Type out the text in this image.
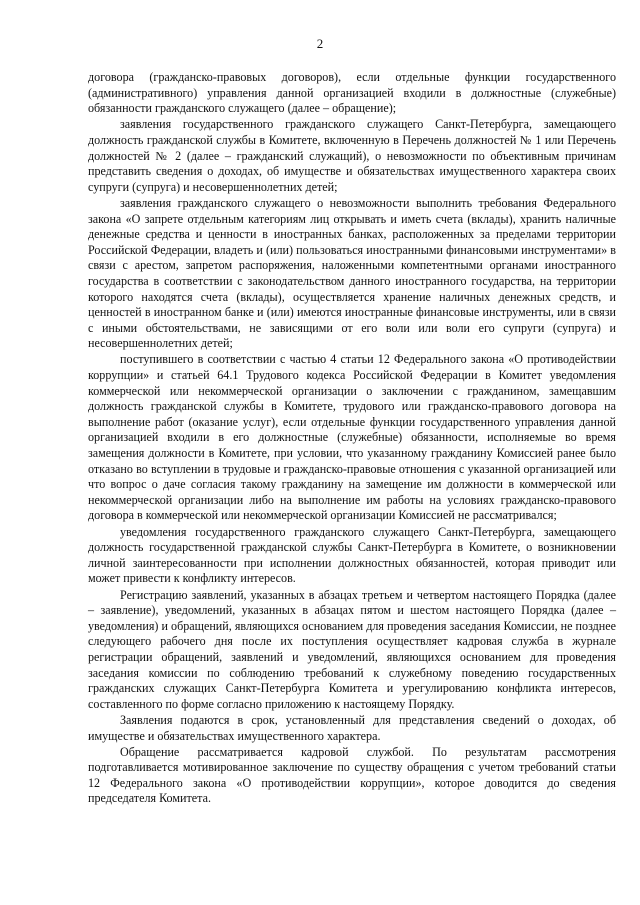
2

договора (гражданско-правовых договоров), если отдельные функции государственного (административного) управления данной организацией входили в должностные (служебные) обязанности гражданского служащего (далее – обращение);

заявления государственного гражданского служащего Санкт-Петербурга, замещающего должность гражданской службы в Комитете, включенную в Перечень должностей № 1 или Перечень должностей № 2 (далее – гражданский служащий), о невозможности по объективным причинам представить сведения о доходах, об имуществе и обязательствах имущественного характера своих супруги (супруга) и несовершеннолетних детей;

заявления гражданского служащего о невозможности выполнить требования Федерального закона «О запрете отдельным категориям лиц открывать и иметь счета (вклады), хранить наличные денежные средства и ценности в иностранных банках, расположенных за пределами территории Российской Федерации, владеть и (или) пользоваться иностранными финансовыми инструментами» в связи с арестом, запретом распоряжения, наложенными компетентными органами иностранного государства в соответствии с законодательством данного иностранного государства, на территории которого находятся счета (вклады), осуществляется хранение наличных денежных средств, и ценностей в иностранном банке и (или) имеются иностранные финансовые инструменты, или в связи с иными обстоятельствами, не зависящими от его воли или воли его супруги (супруга) и несовершеннолетних детей;

поступившего в соответствии с частью 4 статьи 12 Федерального закона «О противодействии коррупции» и статьей 64.1 Трудового кодекса Российской Федерации в Комитет уведомления коммерческой или некоммерческой организации о заключении с гражданином, замещавшим должность гражданской службы в Комитете, трудового или гражданско-правового договора на выполнение работ (оказание услуг), если отдельные функции государственного управления данной организацией входили в его должностные (служебные) обязанности, исполняемые во время замещения должности в Комитете, при условии, что указанному гражданину Комиссией ранее было отказано во вступлении в трудовые и гражданско-правовые отношения с указанной организацией или что вопрос о даче согласия такому гражданину на замещение им должности в коммерческой или некоммерческой организации либо на выполнение им работы на условиях гражданско-правового договора в коммерческой или некоммерческой организации Комиссией не рассматривался;

уведомления государственного гражданского служащего Санкт-Петербурга, замещающего должность государственной гражданской службы Санкт-Петербурга в Комитете, о возникновении личной заинтересованности при исполнении должностных обязанностей, которая приводит или может привести к конфликту интересов.

Регистрацию заявлений, указанных в абзацах третьем и четвертом настоящего Порядка (далее – заявление), уведомлений, указанных в абзацах пятом и шестом настоящего Порядка (далее – уведомления) и обращений, являющихся основанием для проведения заседания Комиссии, не позднее следующего рабочего дня после их поступления осуществляет кадровая служба в журнале регистрации обращений, заявлений и уведомлений, являющихся основанием для проведения заседания комиссии по соблюдению требований к служебному поведению государственных гражданских служащих Санкт-Петербурга Комитета и урегулированию конфликта интересов, составленного по форме согласно приложению к настоящему Порядку.

Заявления подаются в срок, установленный для представления сведений о доходах, об имуществе и обязательствах имущественного характера.

Обращение рассматривается кадровой службой. По результатам рассмотрения подготавливается мотивированное заключение по существу обращения с учетом требований статьи 12 Федерального закона «О противодействии коррупции», которое доводится до сведения председателя Комитета.
